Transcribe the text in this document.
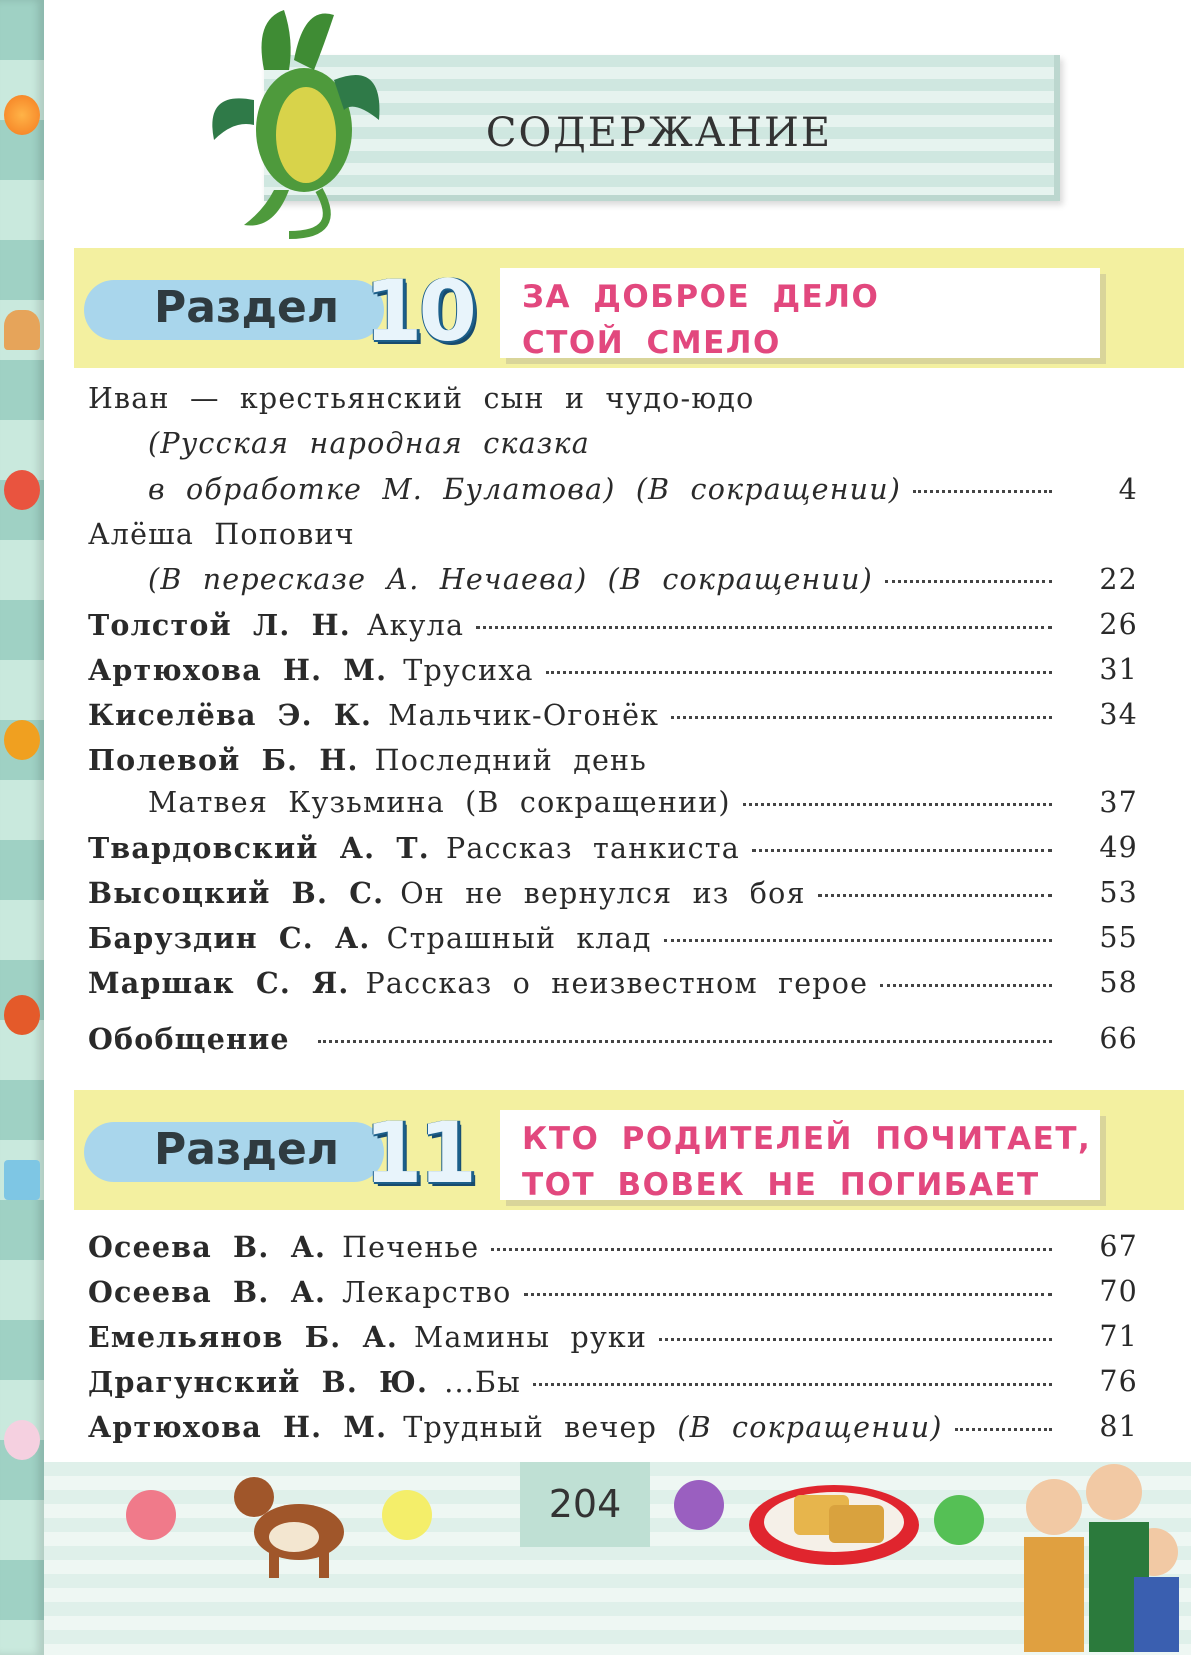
СОДЕРЖАНИЕ
Раздел 10 ЗА ДОБРОЕ ДЕЛО
СТОЙ СМЕЛО
Иван — крестьянский сын и чудо-юдо
(Русская народная сказка
в обработке М. Булатова) (В сокращении)	4
Алёша Попович
(В пересказе А. Нечаева) (В сокращении)	22
Толстой Л. Н. Акула	26
Артюхова Н. М. Трусиха	31
Киселёва Э. К. Мальчик-Огонёк	34
Полевой Б. Н. Последний день
Матвея Кузьмина (В сокращении)	37
Твардовский А. Т. Рассказ танкиста	49
Высоцкий В. С. Он не вернулся из боя	53
Баруздин С. А. Страшный клад	55
Маршак С. Я. Рассказ о неизвестном герое	58
Обобщение	66
Раздел 11 КТО РОДИТЕЛЕЙ ПОЧИТАЕТ,
ТОТ ВОВЕК НЕ ПОГИБАЕТ
Осеева В. А. Печенье	67
Осеева В. А. Лекарство	70
Емельянов Б. А. Мамины руки	71
Драгунский В. Ю. ...Бы	76
Артюхова Н. М. Трудный вечер
(В сокращении)	81
204
